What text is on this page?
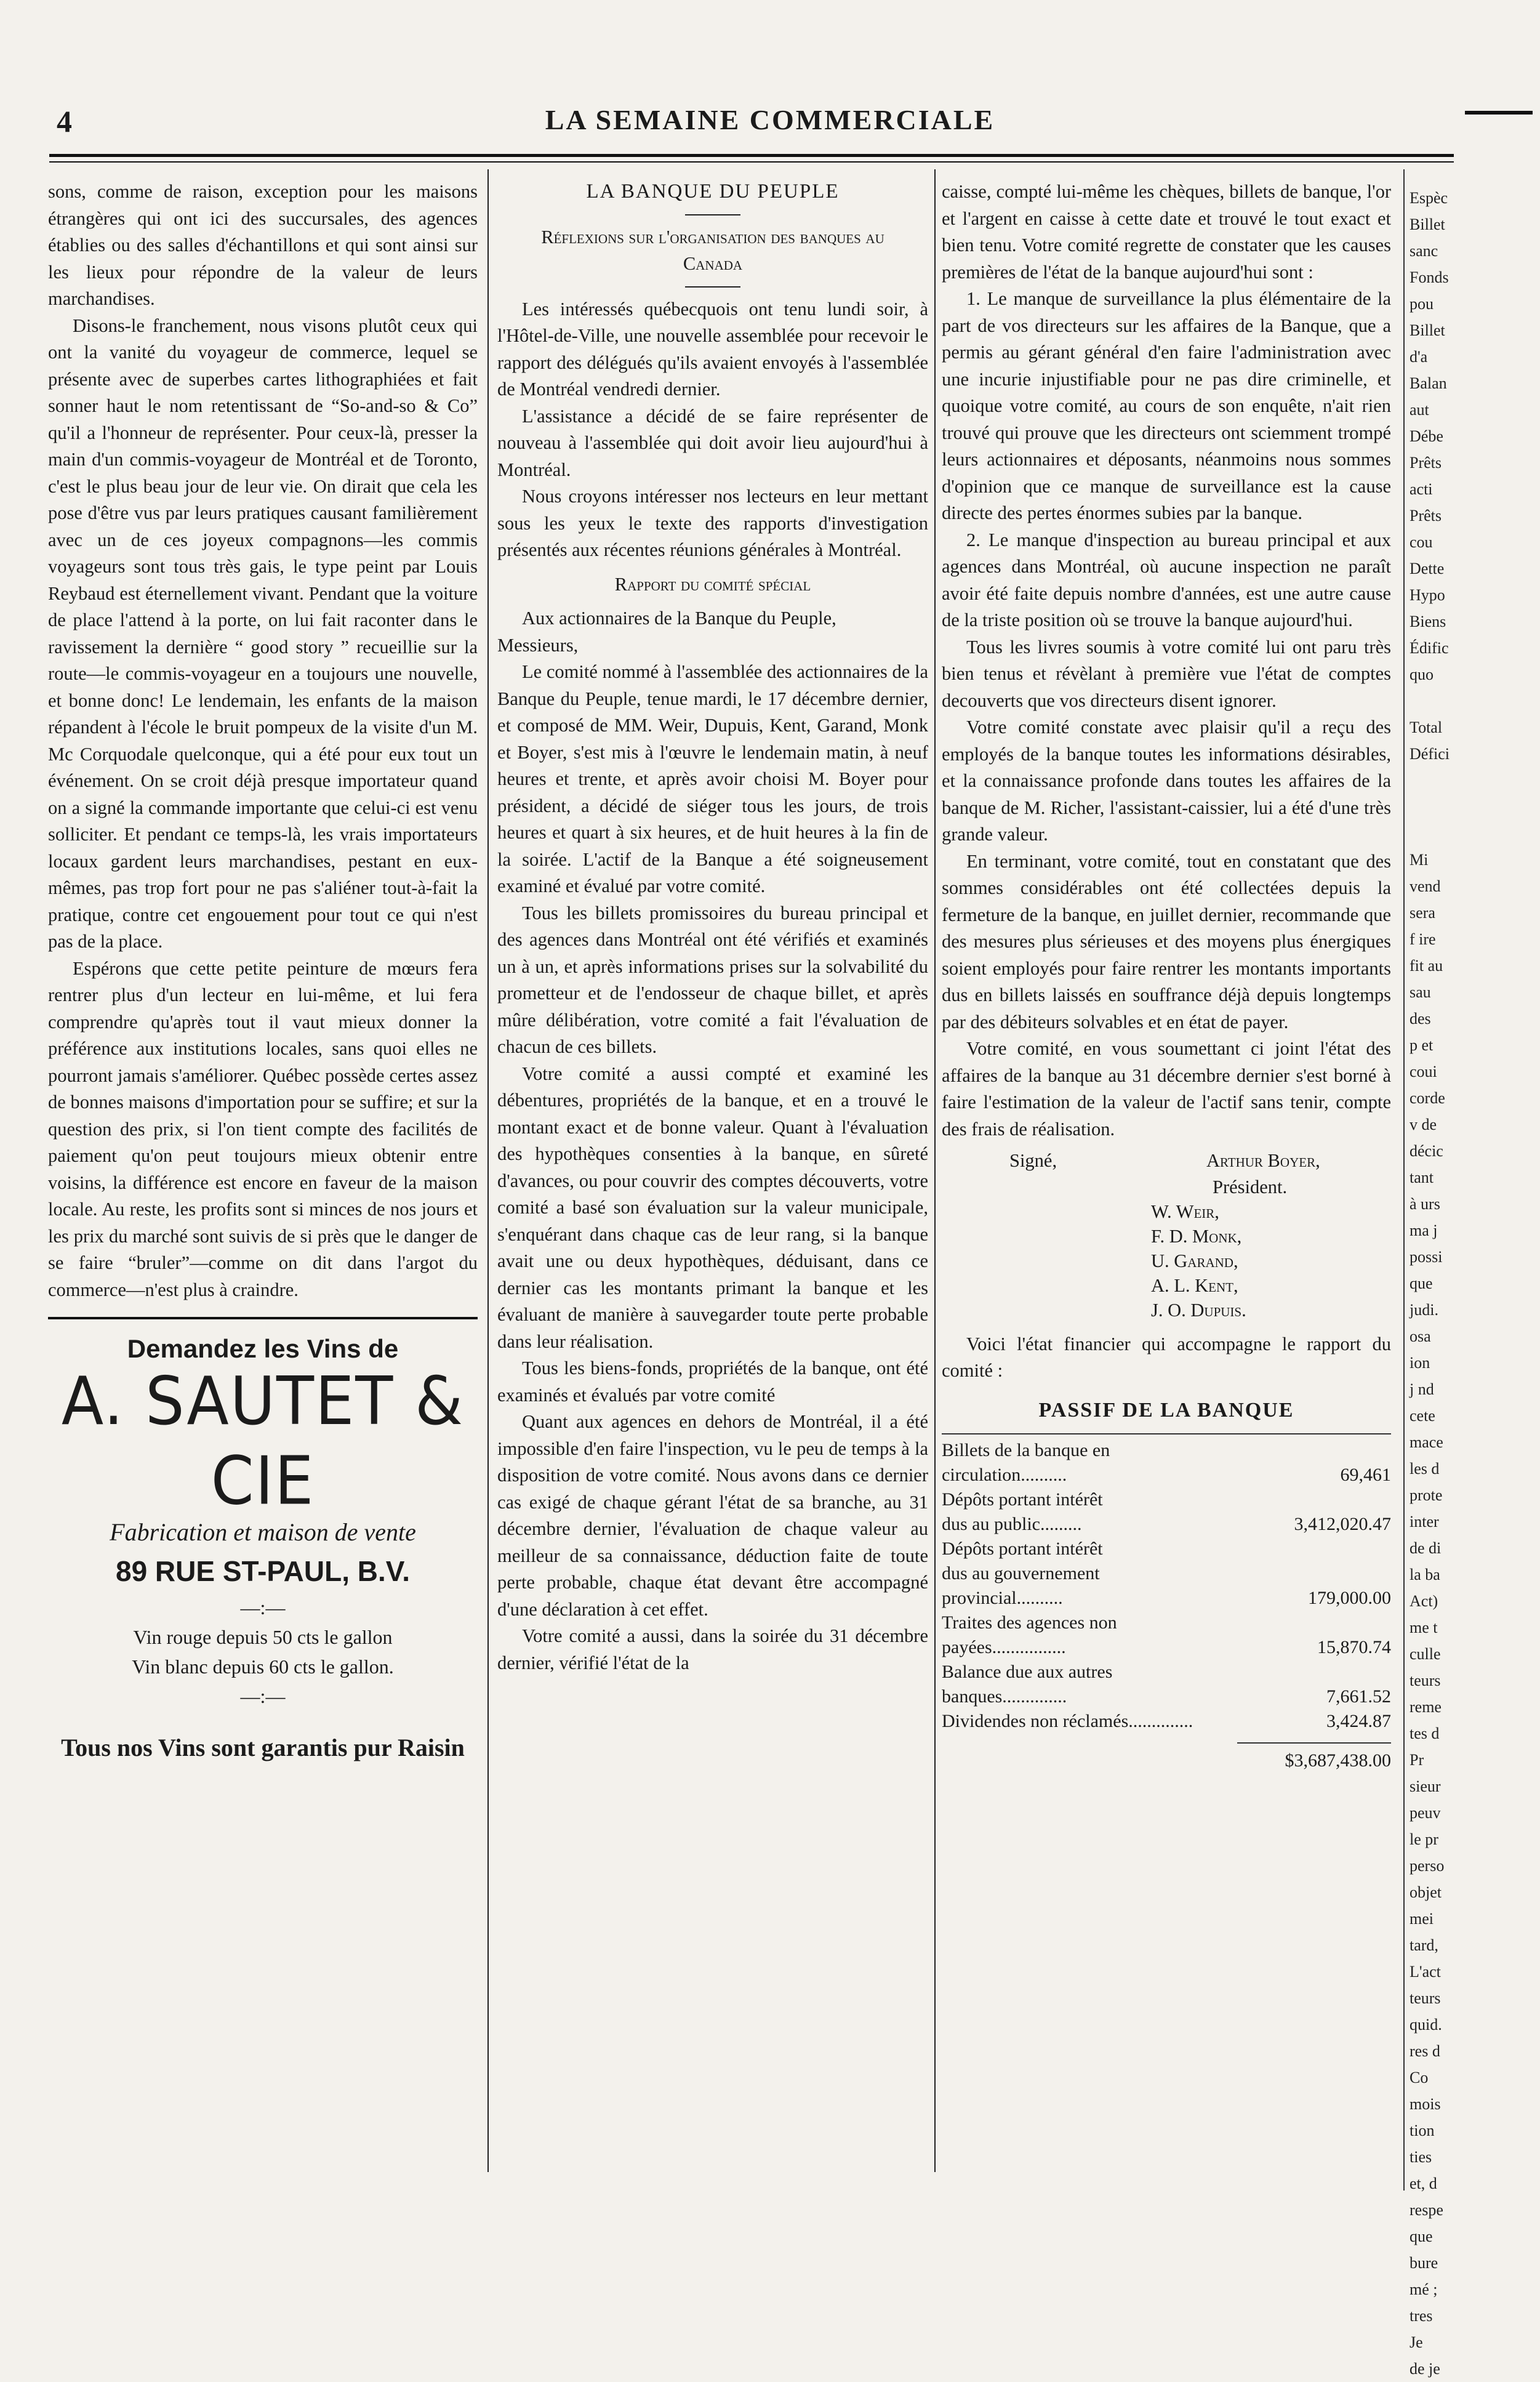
4	LA SEMAINE COMMERCIALE

sons, comme de raison, exception pour les maisons étrangères qui ont ici des succursales, des agences établies ou des salles d'échantillons et qui sont ainsi sur les lieux pour répondre de la valeur de leurs marchandises.

Disons-le franchement, nous visons plutôt ceux qui ont la vanité du voyageur de commerce, lequel se présente avec de superbes cartes lithographiées et fait sonner haut le nom retentissant de “So-and-so & Co” qu'il a l'honneur de représenter. Pour ceux-là, presser la main d'un commis-voyageur de Montréal et de Toronto, c'est le plus beau jour de leur vie. On dirait que cela les pose d'être vus par leurs pratiques causant familièrement avec un de ces joyeux compagnons—les commis voyageurs sont tous très gais, le type peint par Louis Reybaud est éternellement vivant. Pendant que la voiture de place l'attend à la porte, on lui fait raconter dans le ravissement la dernière “ good story ” recueillie sur la route—le commis-voyageur en a toujours une nouvelle, et bonne donc! Le lendemain, les enfants de la maison répandent à l'école le bruit pompeux de la visite d'un M. Mc Corquodale quelconque, qui a été pour eux tout un événement. On se croit déjà presque importateur quand on a signé la commande importante que celui-ci est venu solliciter. Et pendant ce temps-là, les vrais importateurs locaux gardent leurs marchandises, pestant en eux-mêmes, pas trop fort pour ne pas s'aliéner tout-à-fait la pratique, contre cet engouement pour tout ce qui n'est pas de la place.

Espérons que cette petite peinture de mœurs fera rentrer plus d'un lecteur en lui-même, et lui fera comprendre qu'après tout il vaut mieux donner la préférence aux institutions locales, sans quoi elles ne pourront jamais s'améliorer. Québec possède certes assez de bonnes maisons d'importation pour se suffire; et sur la question des prix, si l'on tient compte des facilités de paiement qu'on peut toujours mieux obtenir entre voisins, la différence est encore en faveur de la maison locale. Au reste, les profits sont si minces de nos jours et les prix du marché sont suivis de si près que le danger de se faire “bruler”—comme on dit dans l'argot du commerce—n'est plus à craindre.

Demandez les Vins de
A. SAUTET & CIE
Fabrication et maison de vente
89 RUE ST-PAUL, B.V.
—:—
Vin rouge depuis 50 cts le gallon
Vin blanc depuis 60 cts le gallon.
—:—
Tous nos Vins sont garantis pur Raisin

LA BANQUE DU PEUPLE

Réflexions sur l'organisation des banques au Canada

Les intéressés québecquois ont tenu lundi soir, à l'Hôtel-de-Ville, une nouvelle assemblée pour recevoir le rapport des délégués qu'ils avaient envoyés à l'assemblée de Montréal vendredi dernier.

L'assistance a décidé de se faire représenter de nouveau à l'assemblée qui doit avoir lieu aujourd'hui à Montréal.

Nous croyons intéresser nos lecteurs en leur mettant sous les yeux le texte des rapports d'investigation présentés aux récentes réunions générales à Montréal.

Rapport du comité spécial

Aux actionnaires de la Banque du Peuple,

Messieurs,

Le comité nommé à l'assemblée des actionnaires de la Banque du Peuple, tenue mardi, le 17 décembre dernier, et composé de MM. Weir, Dupuis, Kent, Garand, Monk et Boyer, s'est mis à l'œuvre le lendemain matin, à neuf heures et trente, et après avoir choisi M. Boyer pour président, a décidé de siéger tous les jours, de trois heures et quart à six heures, et de huit heures à la fin de la soirée. L'actif de la Banque a été soigneusement examiné et évalué par votre comité.

Tous les billets promissoires du bureau principal et des agences dans Montréal ont été vérifiés et examinés un à un, et après informations prises sur la solvabilité du prometteur et de l'endosseur de chaque billet, et après mûre délibération, votre comité a fait l'évaluation de chacun de ces billets.

Votre comité a aussi compté et examiné les débentures, propriétés de la banque, et en a trouvé le montant exact et de bonne valeur. Quant à l'évaluation des hypothèques consenties à la banque, en sûreté d'avances, ou pour couvrir des comptes découverts, votre comité a basé son évaluation sur la valeur municipale, s'enquérant dans chaque cas de leur rang, si la banque avait une ou deux hypothèques, déduisant, dans ce dernier cas les montants primant la banque et les évaluant de manière à sauvegarder toute perte probable dans leur réalisation.

Tous les biens-fonds, propriétés de la banque, ont été examinés et évalués par votre comité

Quant aux agences en dehors de Montréal, il a été impossible d'en faire l'inspection, vu le peu de temps à la disposition de votre comité. Nous avons dans ce dernier cas exigé de chaque gérant l'état de sa branche, au 31 décembre dernier, l'évaluation de chaque valeur au meilleur de sa connaissance, déduction faite de toute perte probable, chaque état devant être accompagné d'une déclaration à cet effet.

Votre comité a aussi, dans la soirée du 31 décembre dernier, vérifié l'état de la

caisse, compté lui-même les chèques, billets de banque, l'or et l'argent en caisse à cette date et trouvé le tout exact et bien tenu. Votre comité regrette de constater que les causes premières de l'état de la banque aujourd'hui sont :

1. Le manque de surveillance la plus élémentaire de la part de vos directeurs sur les affaires de la Banque, que a permis au gérant général d'en faire l'administration avec une incurie injustifiable pour ne pas dire criminelle, et quoique votre comité, au cours de son enquête, n'ait rien trouvé qui prouve que les directeurs ont sciemment trompé leurs actionnaires et déposants, néanmoins nous sommes d'opinion que ce manque de surveillance est la cause directe des pertes énormes subies par la banque.

2. Le manque d'inspection au bureau principal et aux agences dans Montréal, où aucune inspection ne paraît avoir été faite depuis nombre d'années, est une autre cause de la triste position où se trouve la banque aujourd'hui.

Tous les livres soumis à votre comité lui ont paru très bien tenus et révèlant à première vue l'état de comptes decouverts que vos directeurs disent ignorer.

Votre comité constate avec plaisir qu'il a reçu des employés de la banque toutes les informations désirables, et la connaissance profonde dans toutes les affaires de la banque de M. Richer, l'assistant-caissier, lui a été d'une très grande valeur.

En terminant, votre comité, tout en constatant que des sommes considérables ont été collectées depuis la fermeture de la banque, en juillet dernier, recommande que des mesures plus sérieuses et des moyens plus énergiques soient employés pour faire rentrer les montants importants dus en billets laissés en souffrance déjà depuis longtemps par des débiteurs solvables et en état de payer.

Votre comité, en vous soumettant ci joint l'état des affaires de la banque au 31 décembre dernier s'est borné à faire l'estimation de la valeur de l'actif sans tenir, compte des frais de réalisation.

Signé,	Arthur Boyer,
Président.
W. Weir,
F. D. Monk,
U. Garand,
A. L. Kent,
J. O. Dupuis.

Voici l'état financier qui accompagne le rapport du comité :

PASSIF DE LA BANQUE
Billets de la banque en
circulation..........	69,461
Dépôts portant intérêt
dus au public.........	3,412,020.47
Dépôts portant intérêt
dus au gouvernement
provincial..........	179,000.00
Traites des agences non
payées................	15,870.74
Balance due aux autres
banques..............	7,661.52
Dividendes non réclamés..............	3,424.87
$3,687,438.00
Espèc
Billet
sanc
Fonds
pou
Billet
d'a
Balan
aut
Débe
Prêts
acti
Prêts
cou
Dette
Hypo
Biens
Édific
quo

Total
Défici

Mi
vend
sera
f ire
fit au
sau
des
p et
coui
corde
v de
décic
tant
à urs
ma j
possi
que
judi.
osa
ion
j nd
cete
mace
les d
prote
inter
de di
la ba
Act)
me t
culle
teurs
reme
tes d
Pr
sieur
peuv
le pr
perso
objet
mei
tard,
L'act
teurs
quid.
res d
Co
mois
tion
ties
et, d
respe
que
bure
mé ;
tres
Je
de je
